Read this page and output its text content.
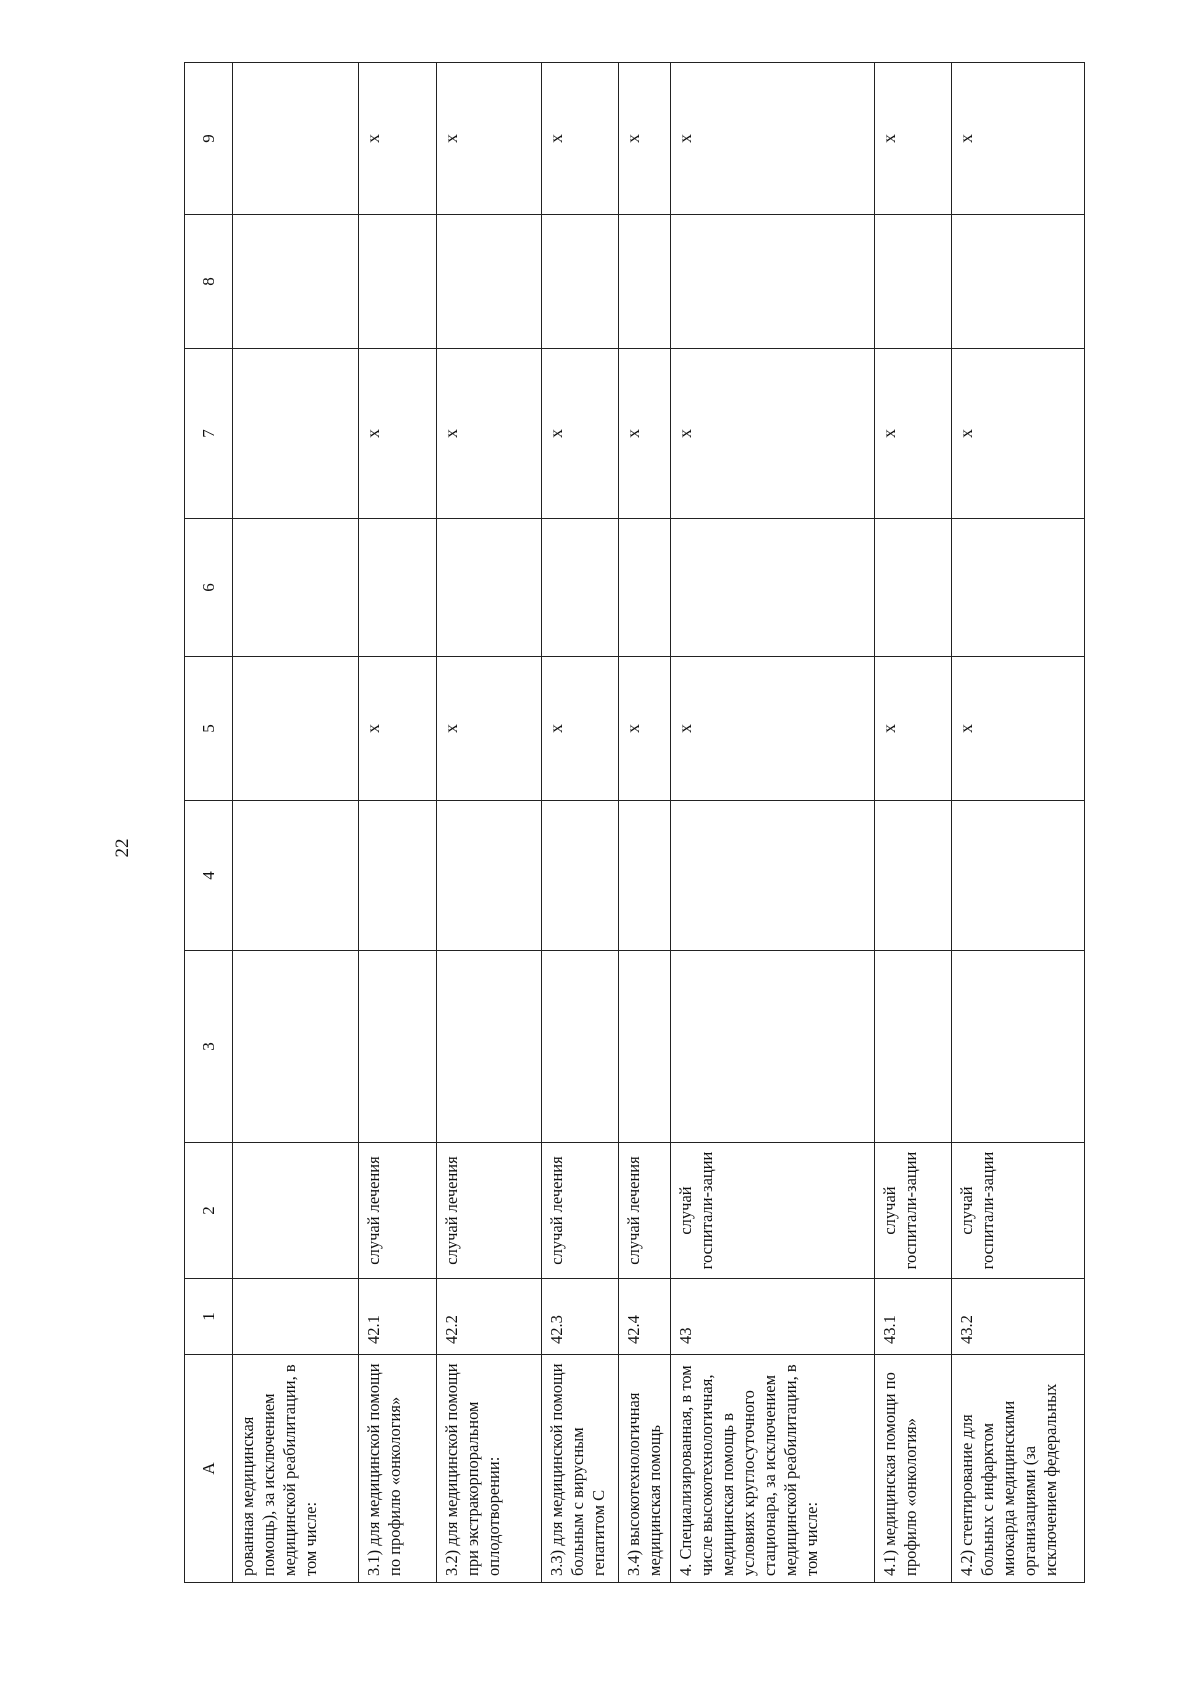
22
А	1	2	3	4	5	6	7	8	9
рованная медицинская помощь), за исключением медицинской реабилитации, в том числе:									
3.1) для медицинской помощи по профилю «онкология»	42.1	случай лечения			х		х		х
3.2) для медицинской помощи при экстракорпоральном оплодотворении:	42.2	случай лечения			х		х		х
3.3) для медицинской помощи больным с вирусным гепатитом С	42.3	случай лечения			х		х		х
3.4) высокотехнологичная медицинская помощь	42.4	случай лечения			х		х		х
4. Специализированная, в том числе высокотехнологичная, медицинская помощь в условиях круглосуточного стационара, за исключением медицинской реабилитации, в том числе:	43	случай госпитали-зации			х		х		х
4.1) медицинская помощи по профилю «онкология»	43.1	случай госпитали-зации			х		х		х
4.2) стентирование для больных с инфарктом миокарда медицинскими организациями (за исключением федеральных	43.2	случай госпитали-зации			х		х		х
